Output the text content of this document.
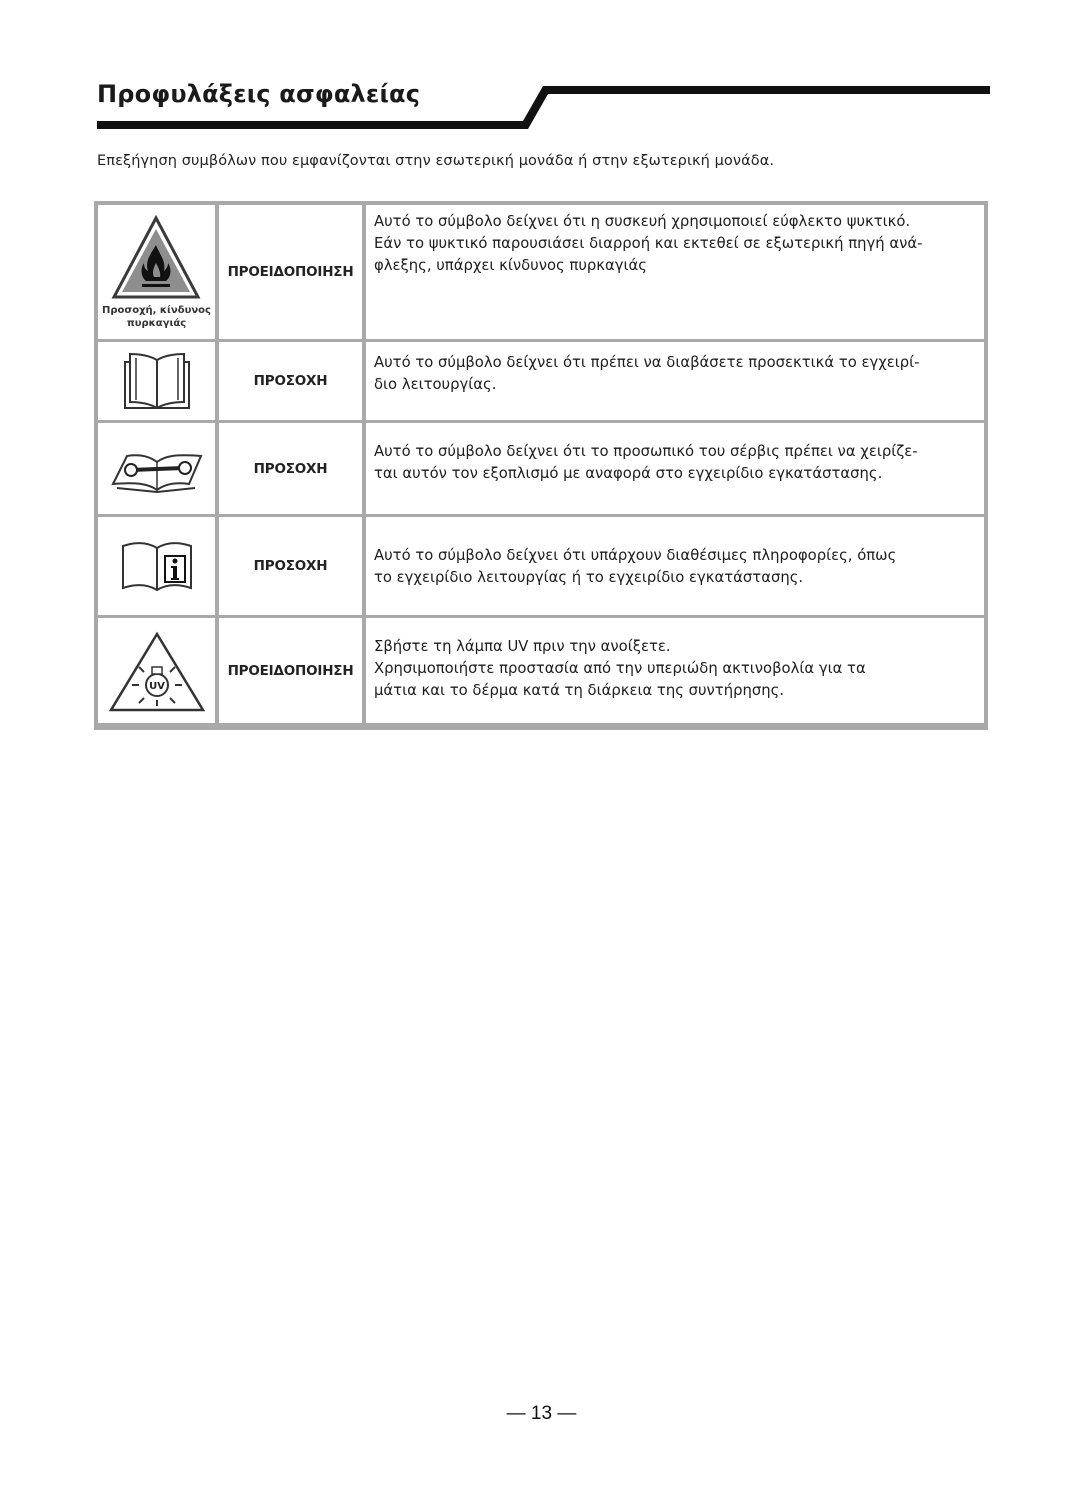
Προφυλάξεις ασφαλείας
Επεξήγηση συμβόλων που εμφανίζονται στην εσωτερική μονάδα ή στην εξωτερική μονάδα.
Προσοχή, κίνδυνος
πυρκαγιάς
ΠΡΟΕΙΔΟΠΟΙΗΣΗ

Αυτό το σύμβολο δείχνει ότι η συσκευή χρησιμοποιεί εύφλεκτο ψυκτικό.

Εάν το ψυκτικό παρουσιάσει διαρροή και εκτεθεί σε εξωτερική πηγή ανά-

φλεξης, υπάρχει κίνδυνος πυρκαγιάς

ΠΡΟΣΟΧΗ

Αυτό το σύμβολο δείχνει ότι πρέπει να διαβάσετε προσεκτικά το εγχειρί-

διο λειτουργίας.

ΠΡΟΣΟΧΗ

Αυτό το σύμβολο δείχνει ότι το προσωπικό του σέρβις πρέπει να χειρίζε-

ται αυτόν τον εξοπλισμό με αναφορά στο εγχειρίδιο εγκατάστασης.

ΠΡΟΣΟΧΗ

Αυτό το σύμβολο δείχνει ότι υπάρχουν διαθέσιμες πληροφορίες, όπως

το εγχειρίδιο λειτουργίας ή το εγχειρίδιο εγκατάστασης.

UV
ΠΡΟΕΙΔΟΠΟΙΗΣΗ

Σβήστε τη λάμπα UV πριν την ανοίξετε.

Χρησιμοποιήστε προστασία από την υπεριώδη ακτινοβολία για τα

μάτια και το δέρμα κατά τη διάρκεια της συντήρησης.

— 13 —
